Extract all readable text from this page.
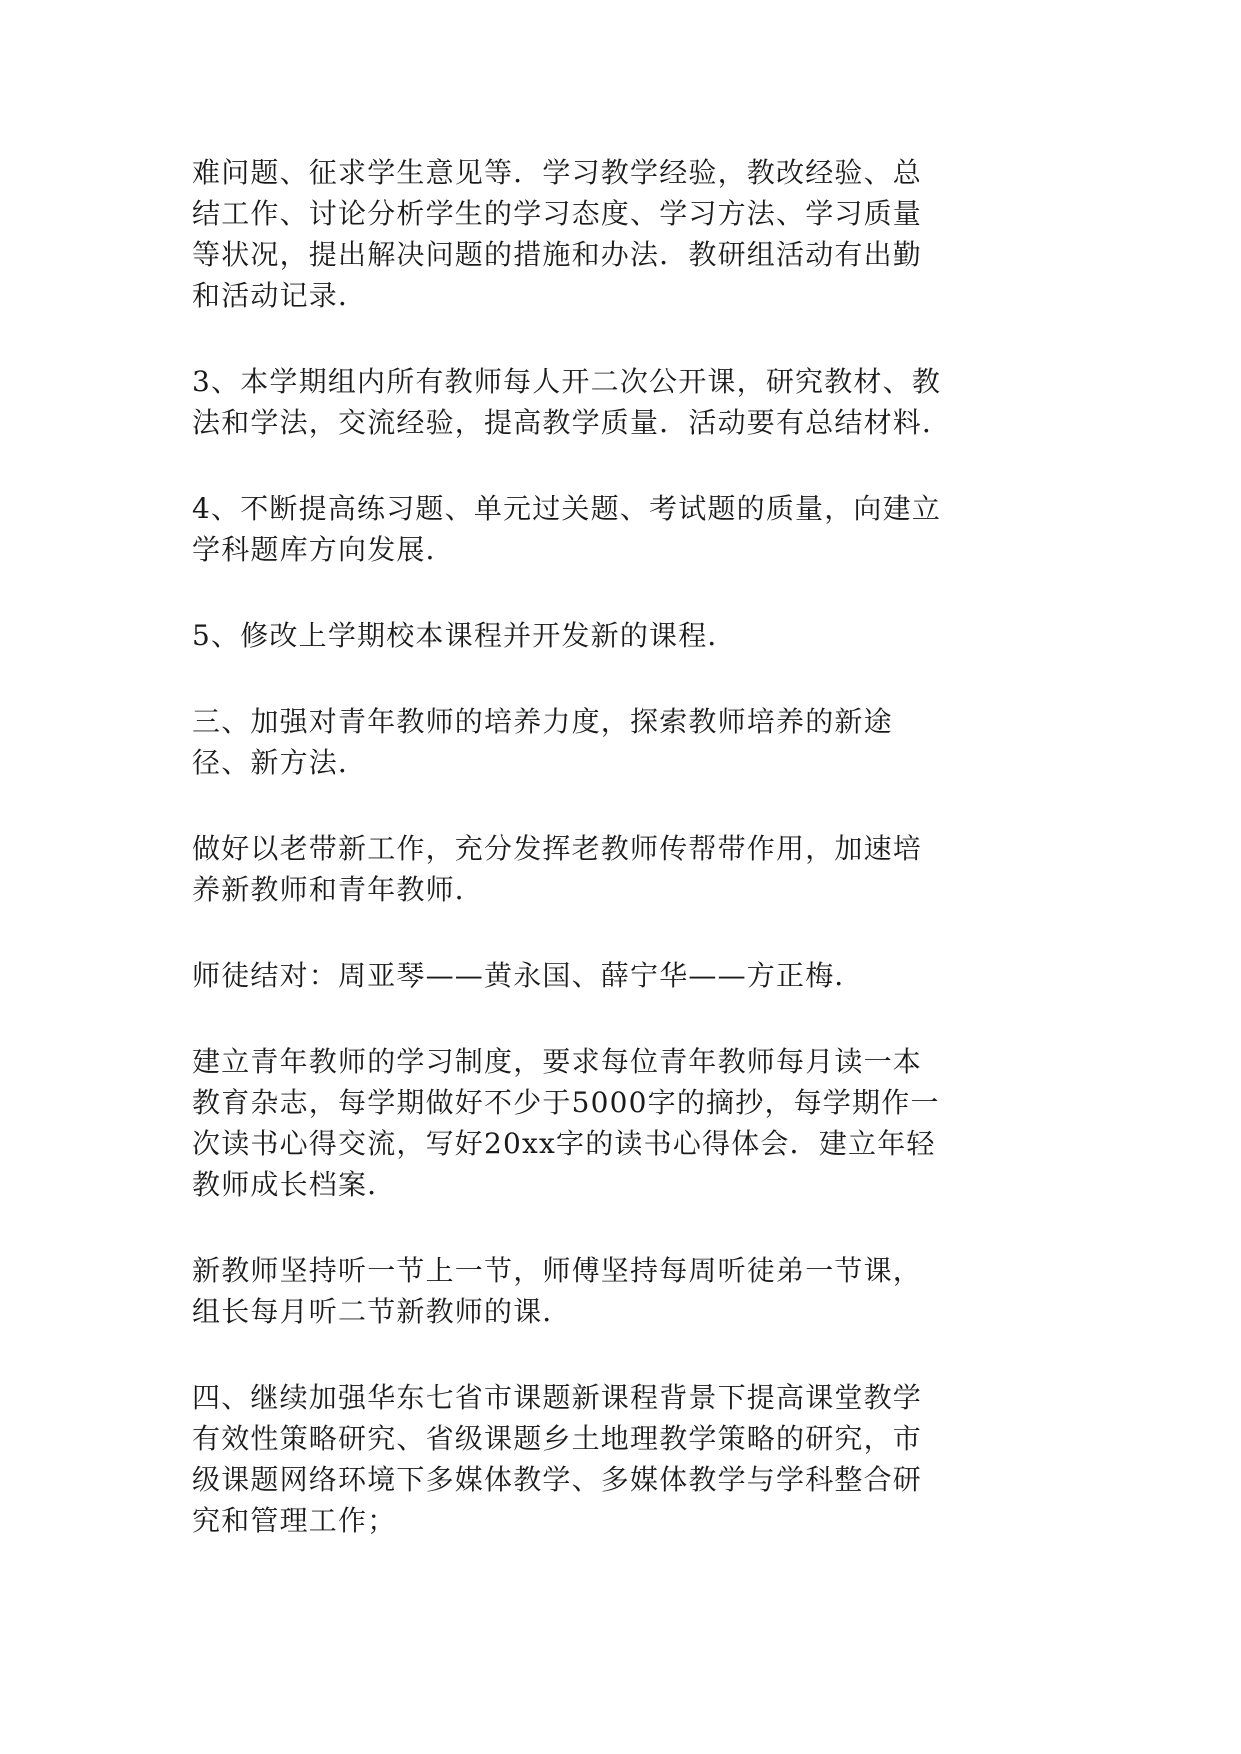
难问题、征求学生意见等．学习教学经验，教改经验、总
结工作、讨论分析学生的学习态度、学习方法、学习质量
等状况，提出解决问题的措施和办法．教研组活动有出勤
和活动记录．

3、本学期组内所有教师每人开二次公开课，研究教材、教
法和学法，交流经验，提高教学质量．活动要有总结材料．

4、不断提高练习题、单元过关题、考试题的质量，向建立
学科题库方向发展．

5、修改上学期校本课程并开发新的课程．

三、加强对青年教师的培养力度，探索教师培养的新途
径、新方法．

做好以老带新工作，充分发挥老教师传帮带作用，加速培
养新教师和青年教师．

师徒结对：周亚琴——黄永国、薛宁华——方正梅．

建立青年教师的学习制度，要求每位青年教师每月读一本
教育杂志，每学期做好不少于5000字的摘抄，每学期作一
次读书心得交流，写好20xx字的读书心得体会．建立年轻
教师成长档案．

新教师坚持听一节上一节，师傅坚持每周听徒弟一节课，
组长每月听二节新教师的课．

四、继续加强华东七省市课题新课程背景下提高课堂教学
有效性策略研究、省级课题乡土地理教学策略的研究，市
级课题网络环境下多媒体教学、多媒体教学与学科整合研
究和管理工作；
